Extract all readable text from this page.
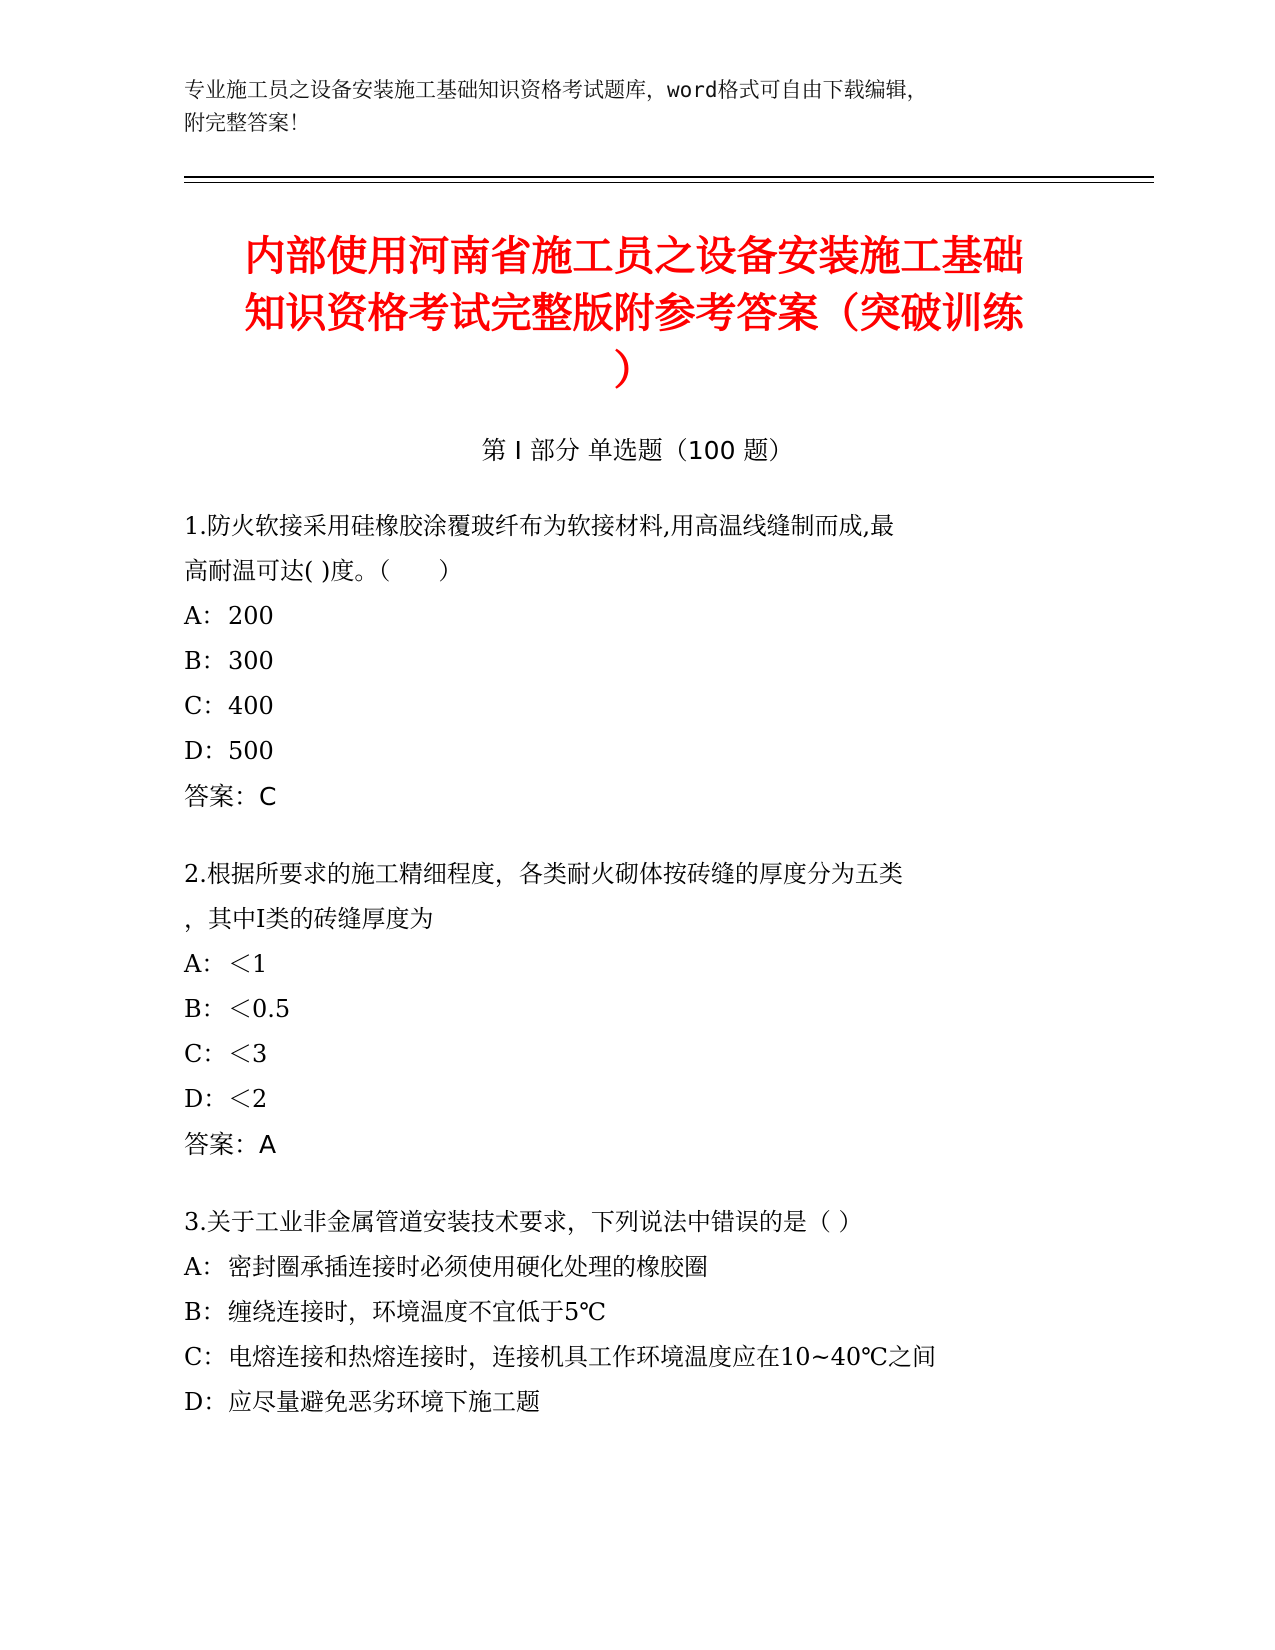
专业施工员之设备安装施工基础知识资格考试题库，word格式可自由下载编辑，
附完整答案！
内部使用河南省施工员之设备安装施工基础
知识资格考试完整版附参考答案（突破训练
）
第 I 部分 单选题（100 题）
1.防火软接采用硅橡胶涂覆玻纤布为软接材料,用高温线缝制而成,最
高耐温可达( )度。（　　）
A： 200
B：300
C：400
D：500
答案：C
2.根据所要求的施工精细程度，各类耐火砌体按砖缝的厚度分为五类
，其中Ⅰ类的砖缝厚度为
A： ＜1
B：＜0.5
C：＜3
D：＜2
答案：A
3.关于工业非金属管道安装技术要求，下列说法中错误的是（ ）
A： 密封圈承插连接时必须使用硬化处理的橡胶圈
B：缠绕连接时，环境温度不宜低于5℃
C：电熔连接和热熔连接时，连接机具工作环境温度应在10~40℃之间
D：应尽量避免恶劣环境下施工题
